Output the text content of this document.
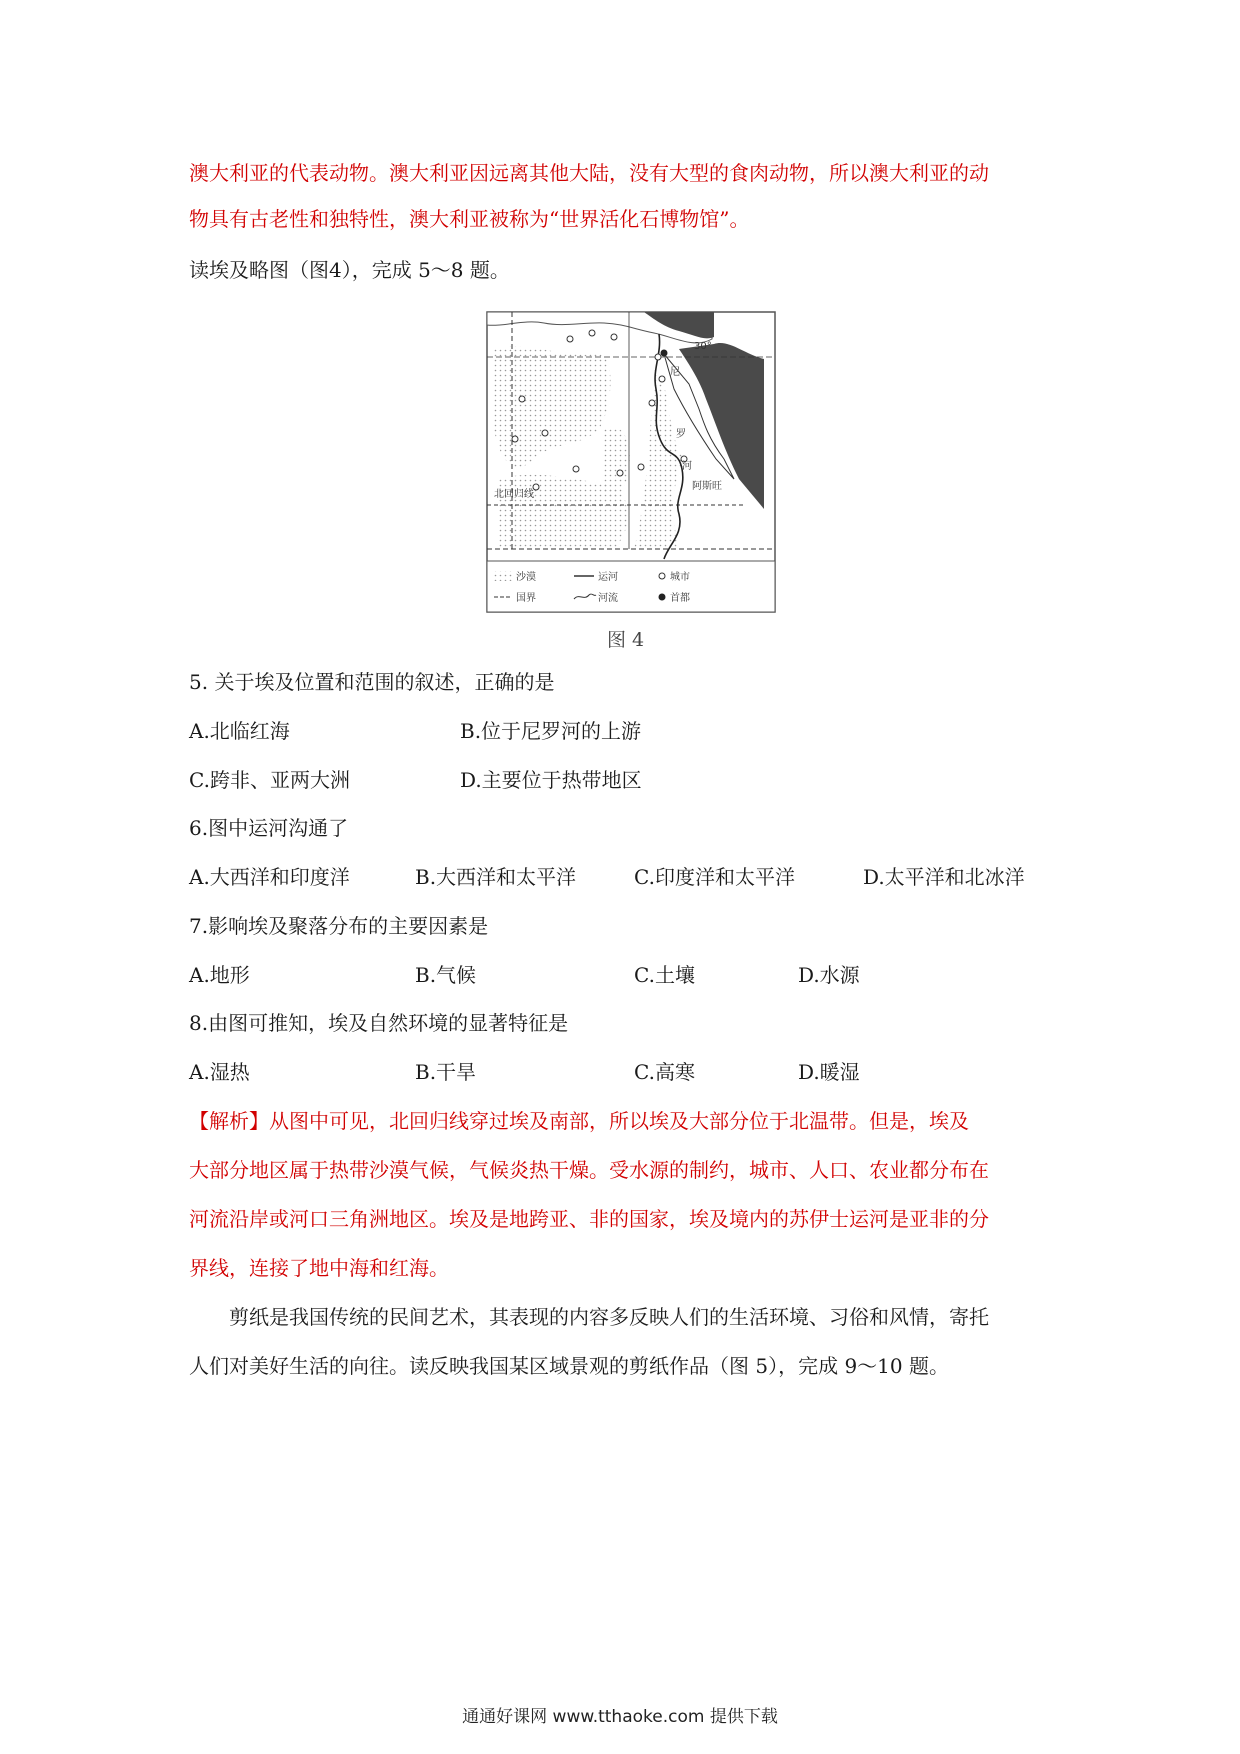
澳大利亚的代表动物。澳大利亚因远离其他大陆，没有大型的食肉动物，所以澳大利亚的动
物具有古老性和独特性，澳大利亚被称为“世界活化石博物馆”。
读埃及略图（图4），完成 5～8 题。
30°
尼
罗
河
阿斯旺
北回归线
沙漠	运河	城市
国界	河流	首都
图 4
5. 关于埃及位置和范围的叙述，正确的是
A.北临红海	B.位于尼罗河的上游
C.跨非、亚两大洲	D.主要位于热带地区
6.图中运河沟通了
A.大西洋和印度洋	B.大西洋和太平洋	C.印度洋和太平洋	D.太平洋和北冰洋
7.影响埃及聚落分布的主要因素是
A.地形	B.气候	C.土壤	D.水源
8.由图可推知，埃及自然环境的显著特征是
A.湿热	B.干旱	C.高寒	D.暖湿
【解析】从图中可见，北回归线穿过埃及南部，所以埃及大部分位于北温带。但是，埃及
大部分地区属于热带沙漠气候，气候炎热干燥。受水源的制约，城市、人口、农业都分布在
河流沿岸或河口三角洲地区。埃及是地跨亚、非的国家，埃及境内的苏伊士运河是亚非的分
界线，连接了地中海和红海。
剪纸是我国传统的民间艺术，其表现的内容多反映人们的生活环境、习俗和风情，寄托
人们对美好生活的向往。读反映我国某区域景观的剪纸作品（图 5），完成 9～10 题。
通通好课网 www.tthaoke.com 提供下载
